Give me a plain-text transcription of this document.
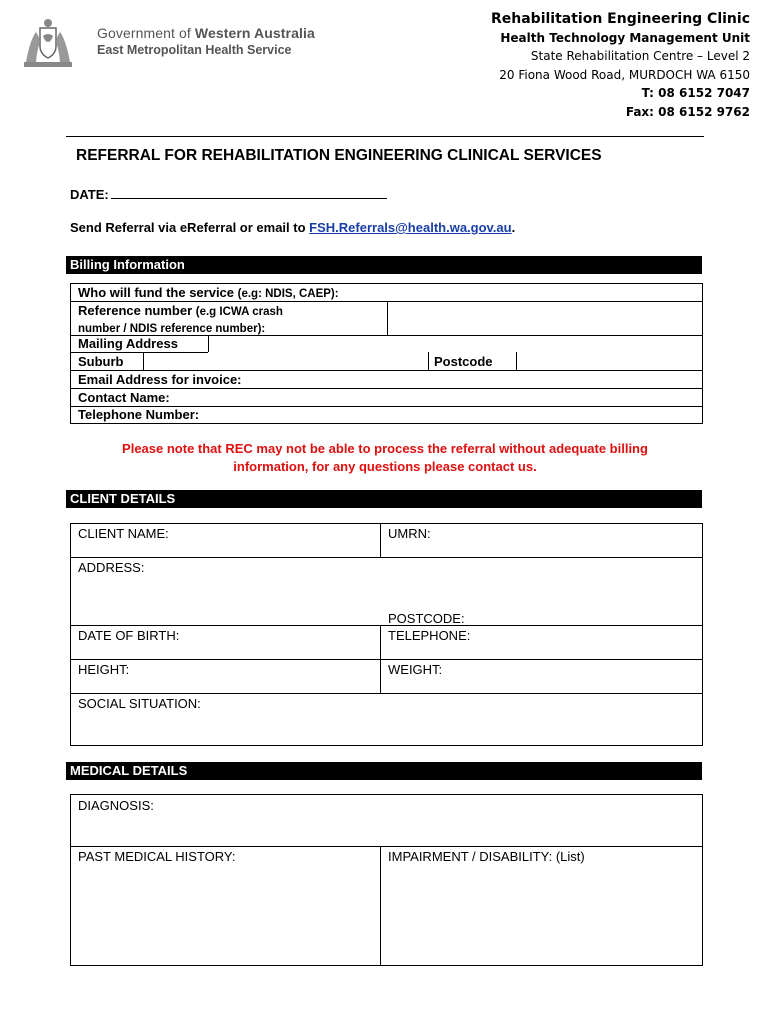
Government of Western Australia
East Metropolitan Health Service
Rehabilitation Engineering Clinic
Health Technology Management Unit
State Rehabilitation Centre – Level 2
20 Fiona Wood Road, MURDOCH WA 6150
T: 08 6152 7047
Fax: 08 6152 9762
REFERRAL FOR REHABILITATION ENGINEERING CLINICAL SERVICES
DATE:
Send Referral via eReferral or email to FSH.Referrals@health.wa.gov.au.
Billing Information
Who will fund the service (e.g: NDIS, CAEP):
Reference number (e.g ICWA crash
number / NDIS reference number):
Mailing Address
Suburb	Postcode
Email Address for invoice:
Contact Name:
Telephone Number:
Please note that REC may not be able to process the referral without adequate billing
information, for any questions please contact us.
CLIENT DETAILS
CLIENT NAME:	UMRN:
ADDRESS:
POSTCODE:
DATE OF BIRTH:	TELEPHONE:
HEIGHT:	WEIGHT:
SOCIAL SITUATION:
MEDICAL DETAILS
DIAGNOSIS:
PAST MEDICAL HISTORY:	IMPAIRMENT / DISABILITY: (List)
